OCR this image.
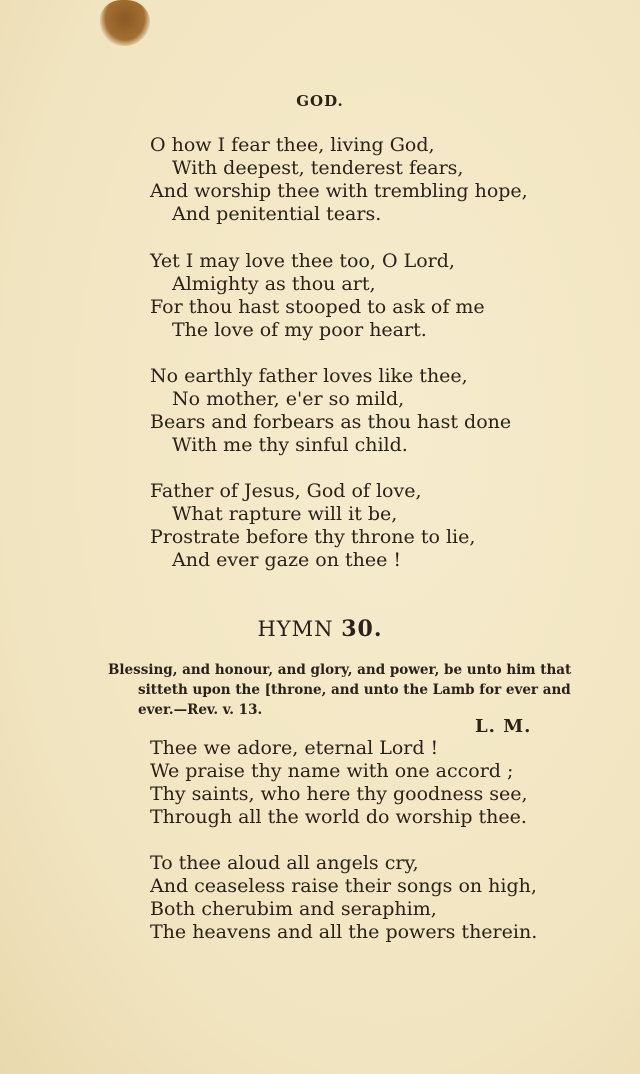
GOD.
O how I fear thee, living God,
With deepest, tenderest fears,
And worship thee with trembling hope,
And penitential tears.
Yet I may love thee too, O Lord,
Almighty as thou art,
For thou hast stooped to ask of me
The love of my poor heart.
No earthly father loves like thee,
No mother, e'er so mild,
Bears and forbears as thou hast done
With me thy sinful child.
Father of Jesus, God of love,
What rapture will it be,
Prostrate before thy throne to lie,
And ever gaze on thee !
HYMN 30.
Blessing, and honour, and glory, and power, be unto him that
sitteth upon the [throne, and unto the Lamb for ever and
ever.—Rev. v. 13.
L. M.
Thee we adore, eternal Lord !
We praise thy name with one accord ;
Thy saints, who here thy goodness see,
Through all the world do worship thee.
To thee aloud all angels cry,
And ceaseless raise their songs on high,
Both cherubim and seraphim,
The heavens and all the powers therein.
